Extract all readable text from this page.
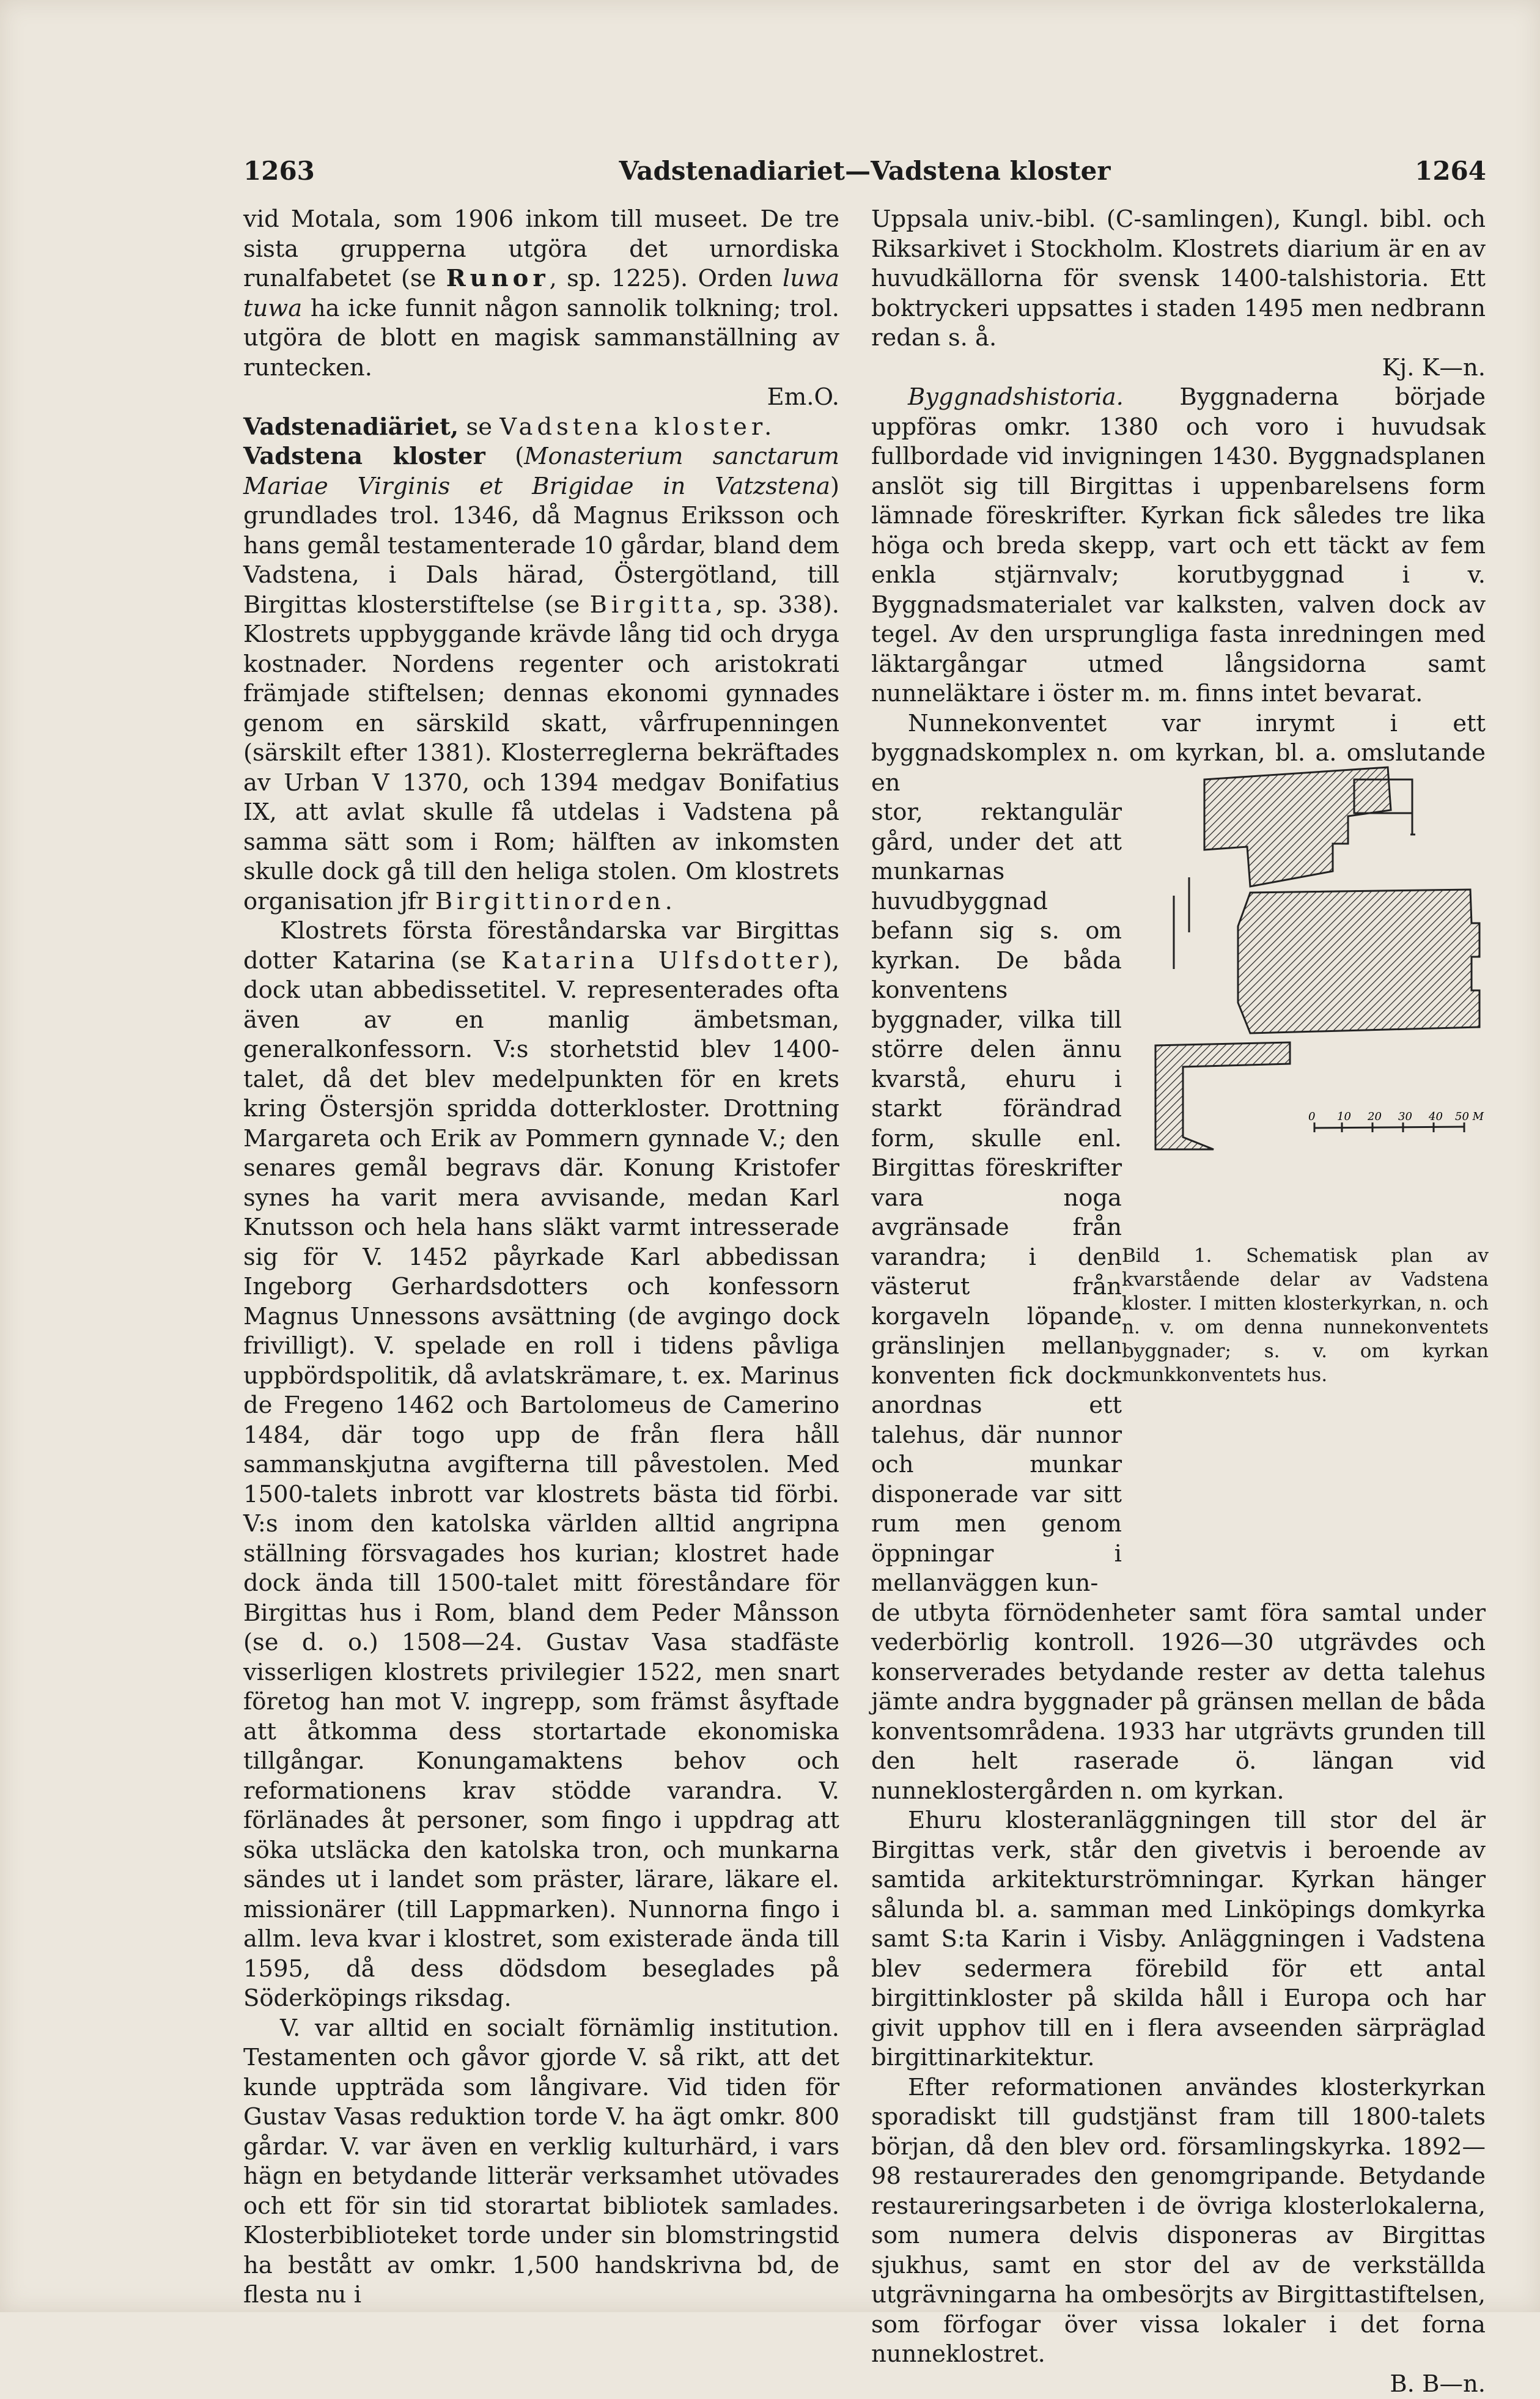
1263	Vadstenadiariet—Vadstena kloster	1264

vid Motala, som 1906 inkom till museet. De tre sista grupperna utgöra det urnordiska runalfabetet (se Runor, sp. 1225). Orden luwa tuwa ha icke funnit någon sannolik tolkning; trol. utgöra de blott en magisk sammanställning av runtecken.
Em.O.

Vadstenadiäriet, se Vadstena kloster.

Vadstena kloster (Monasterium sanctarum Mariae Virginis et Brigidae in Vatzstena) grundlades trol. 1346, då Magnus Eriksson och hans gemål testamenterade 10 gårdar, bland dem Vadstena, i Dals härad, Östergötland, till Birgittas klosterstiftelse (se Birgitta, sp. 338). Klostrets uppbyggande krävde lång tid och dryga kostnader. Nordens regenter och aristokrati främjade stiftelsen; dennas ekonomi gynnades genom en särskild skatt, vårfrupenningen (särskilt efter 1381). Klosterreglerna bekräftades av Urban V 1370, och 1394 medgav Bonifatius IX, att avlat skulle få utdelas i Vadstena på samma sätt som i Rom; hälften av inkomsten skulle dock gå till den heliga stolen. Om klostrets organisation jfr Birgittinorden.

Klostrets första föreståndarska var Birgittas dotter Katarina (se Katarina Ulfsdotter), dock utan abbedissetitel. V. representerades ofta även av en manlig ämbetsman, generalkonfessorn. V:s storhetstid blev 1400-talet, då det blev medelpunkten för en krets kring Östersjön spridda dotterkloster. Drottning Margareta och Erik av Pommern gynnade V.; den senares gemål begravs där. Konung Kristofer synes ha varit mera avvisande, medan Karl Knutsson och hela hans släkt varmt intresserade sig för V. 1452 påyrkade Karl abbedissan Ingeborg Gerhardsdotters och konfessorn Magnus Unnessons avsättning (de avgingo dock frivilligt). V. spelade en roll i tidens påvliga uppbördspolitik, då avlatskrämare, t. ex. Marinus de Fregeno 1462 och Bartolomeus de Camerino 1484, där togo upp de från flera håll sammanskjutna avgifterna till påvestolen. Med 1500-talets inbrott var klostrets bästa tid förbi. V:s inom den katolska världen alltid angripna ställning försvagades hos kurian; klostret hade dock ända till 1500-talet mitt föreståndare för Birgittas hus i Rom, bland dem Peder Månsson (se d. o.) 1508—24. Gustav Vasa stadfäste visserligen klostrets privilegier 1522, men snart företog han mot V. ingrepp, som främst åsyftade att åtkomma dess stortartade ekonomiska tillgångar. Konungamaktens behov och reformationens krav stödde varandra. V. förlänades åt personer, som fingo i uppdrag att söka utsläcka den katolska tron, och munkarna sändes ut i landet som präster, lärare, läkare el. missionärer (till Lappmarken). Nunnorna fingo i allm. leva kvar i klostret, som existerade ända till 1595, då dess dödsdom beseglades på Söderköpings riksdag.

V. var alltid en socialt förnämlig institution. Testamenten och gåvor gjorde V. så rikt, att det kunde uppträda som långivare. Vid tiden för Gustav Vasas reduktion torde V. ha ägt omkr. 800 gårdar. V. var även en verklig kulturhärd, i vars hägn en betydande litterär verksamhet utövades och ett för sin tid storartat bibliotek samlades. Klosterbiblioteket torde under sin blomstringstid ha bestått av omkr. 1,500 handskrivna bd, de flesta nu i

Uppsala univ.-bibl. (C-samlingen), Kungl. bibl. och Riksarkivet i Stockholm. Klostrets diarium är en av huvudkällorna för svensk 1400-talshistoria. Ett boktryckeri uppsattes i staden 1495 men nedbrann redan s. å.
Kj. K—n.

Byggnadshistoria. Byggnaderna började uppföras omkr. 1380 och voro i huvudsak fullbordade vid invigningen 1430. Byggnadsplanen anslöt sig till Birgittas i uppenbarelsens form lämnade föreskrifter. Kyrkan fick således tre lika höga och breda skepp, vart och ett täckt av fem enkla stjärnvalv; korutbyggnad i v. Byggnadsmaterialet var kalksten, valven dock av tegel. Av den ursprungliga fasta inredningen med läktargångar utmed långsidorna samt nunneläktare i öster m. m. finns intet bevarat.

Nunnekonventet var inrymt i ett byggnadskomplex n. om kyrkan, bl. a. omslutande en

stor, rektangulär gård, under det att munkarnas huvudbyggnad befann sig s. om kyrkan. De båda konventens byggnader, vilka till större delen ännu kvarstå, ehuru i starkt förändrad form, skulle enl. Birgittas föreskrifter vara noga avgränsade från varandra; i den västerut från korgaveln löpande gränslinjen mellan konventen fick dock anordnas ett talehus, där nunnor och munkar disponerade var sitt rum men genom öppningar i mellanväggen kun-

de utbyta förnödenheter samt föra samtal under vederbörlig kontroll. 1926—30 utgrävdes och konserverades betydande rester av detta talehus jämte andra byggnader på gränsen mellan de båda konventsområdena. 1933 har utgrävts grunden till den helt raserade ö. längan vid nunneklostergården n. om kyrkan.

Ehuru klosteranläggningen till stor del är Birgittas verk, står den givetvis i beroende av samtida arkitekturströmningar. Kyrkan hänger sålunda bl. a. samman med Linköpings domkyrka samt S:ta Karin i Visby. Anläggningen i Vadstena blev sedermera förebild för ett antal birgittinkloster på skilda håll i Europa och har givit upphov till en i flera avseenden särpräglad birgittinarkitektur.

Efter reformationen användes klosterkyrkan sporadiskt till gudstjänst fram till 1800-talets början, då den blev ord. församlingskyrka. 1892—98 restaurerades den genomgripande. Betydande restaureringsarbeten i de övriga klosterlokalerna, som numera delvis disponeras av Birgittas sjukhus, samt en stor del av de verkställda utgrävningarna ha ombesörjts av Birgittastiftelsen, som förfogar över vissa lokaler i det forna nunneklostret.
B. B—n.

0 10 20 30 40 50 M
Bild 1. Schematisk plan av kvarstående delar av Vadstena kloster. I mitten klosterkyrkan, n. och n. v. om denna nunnekonventets byggnader; s. v. om kyrkan munkkonventets hus.
